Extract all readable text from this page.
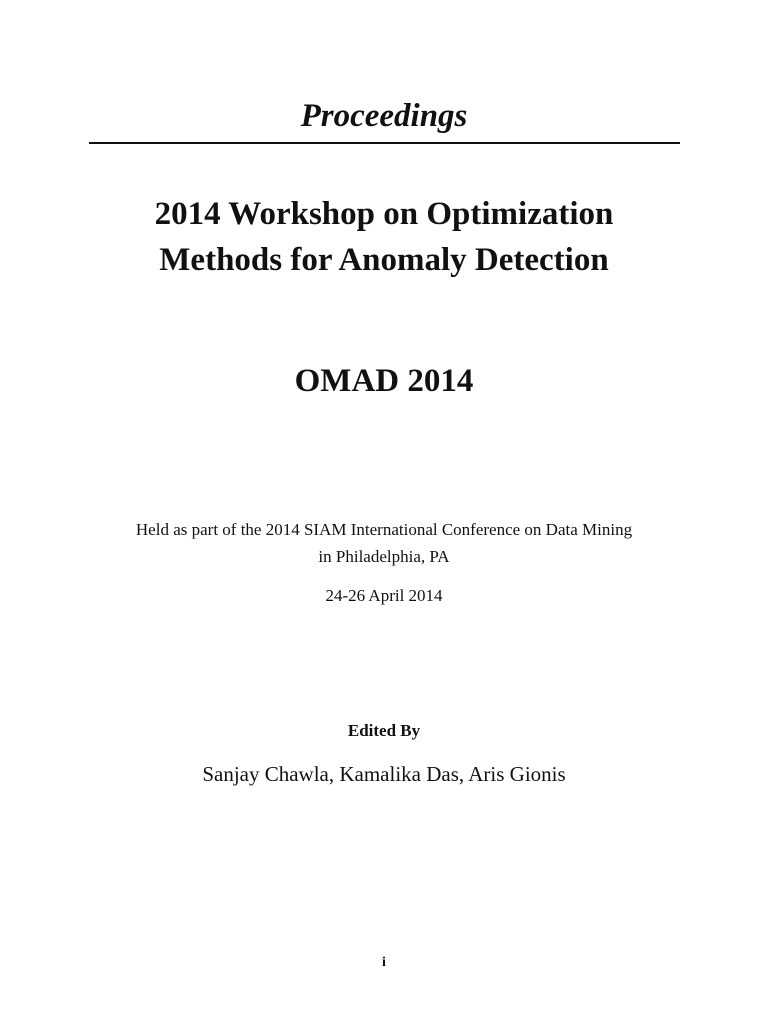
Proceedings
2014 Workshop on Optimization
Methods for Anomaly Detection
OMAD 2014
Held as part of the 2014 SIAM International Conference on Data Mining
in Philadelphia, PA
24-26 April 2014
Edited By
Sanjay Chawla, Kamalika Das, Aris Gionis
i
